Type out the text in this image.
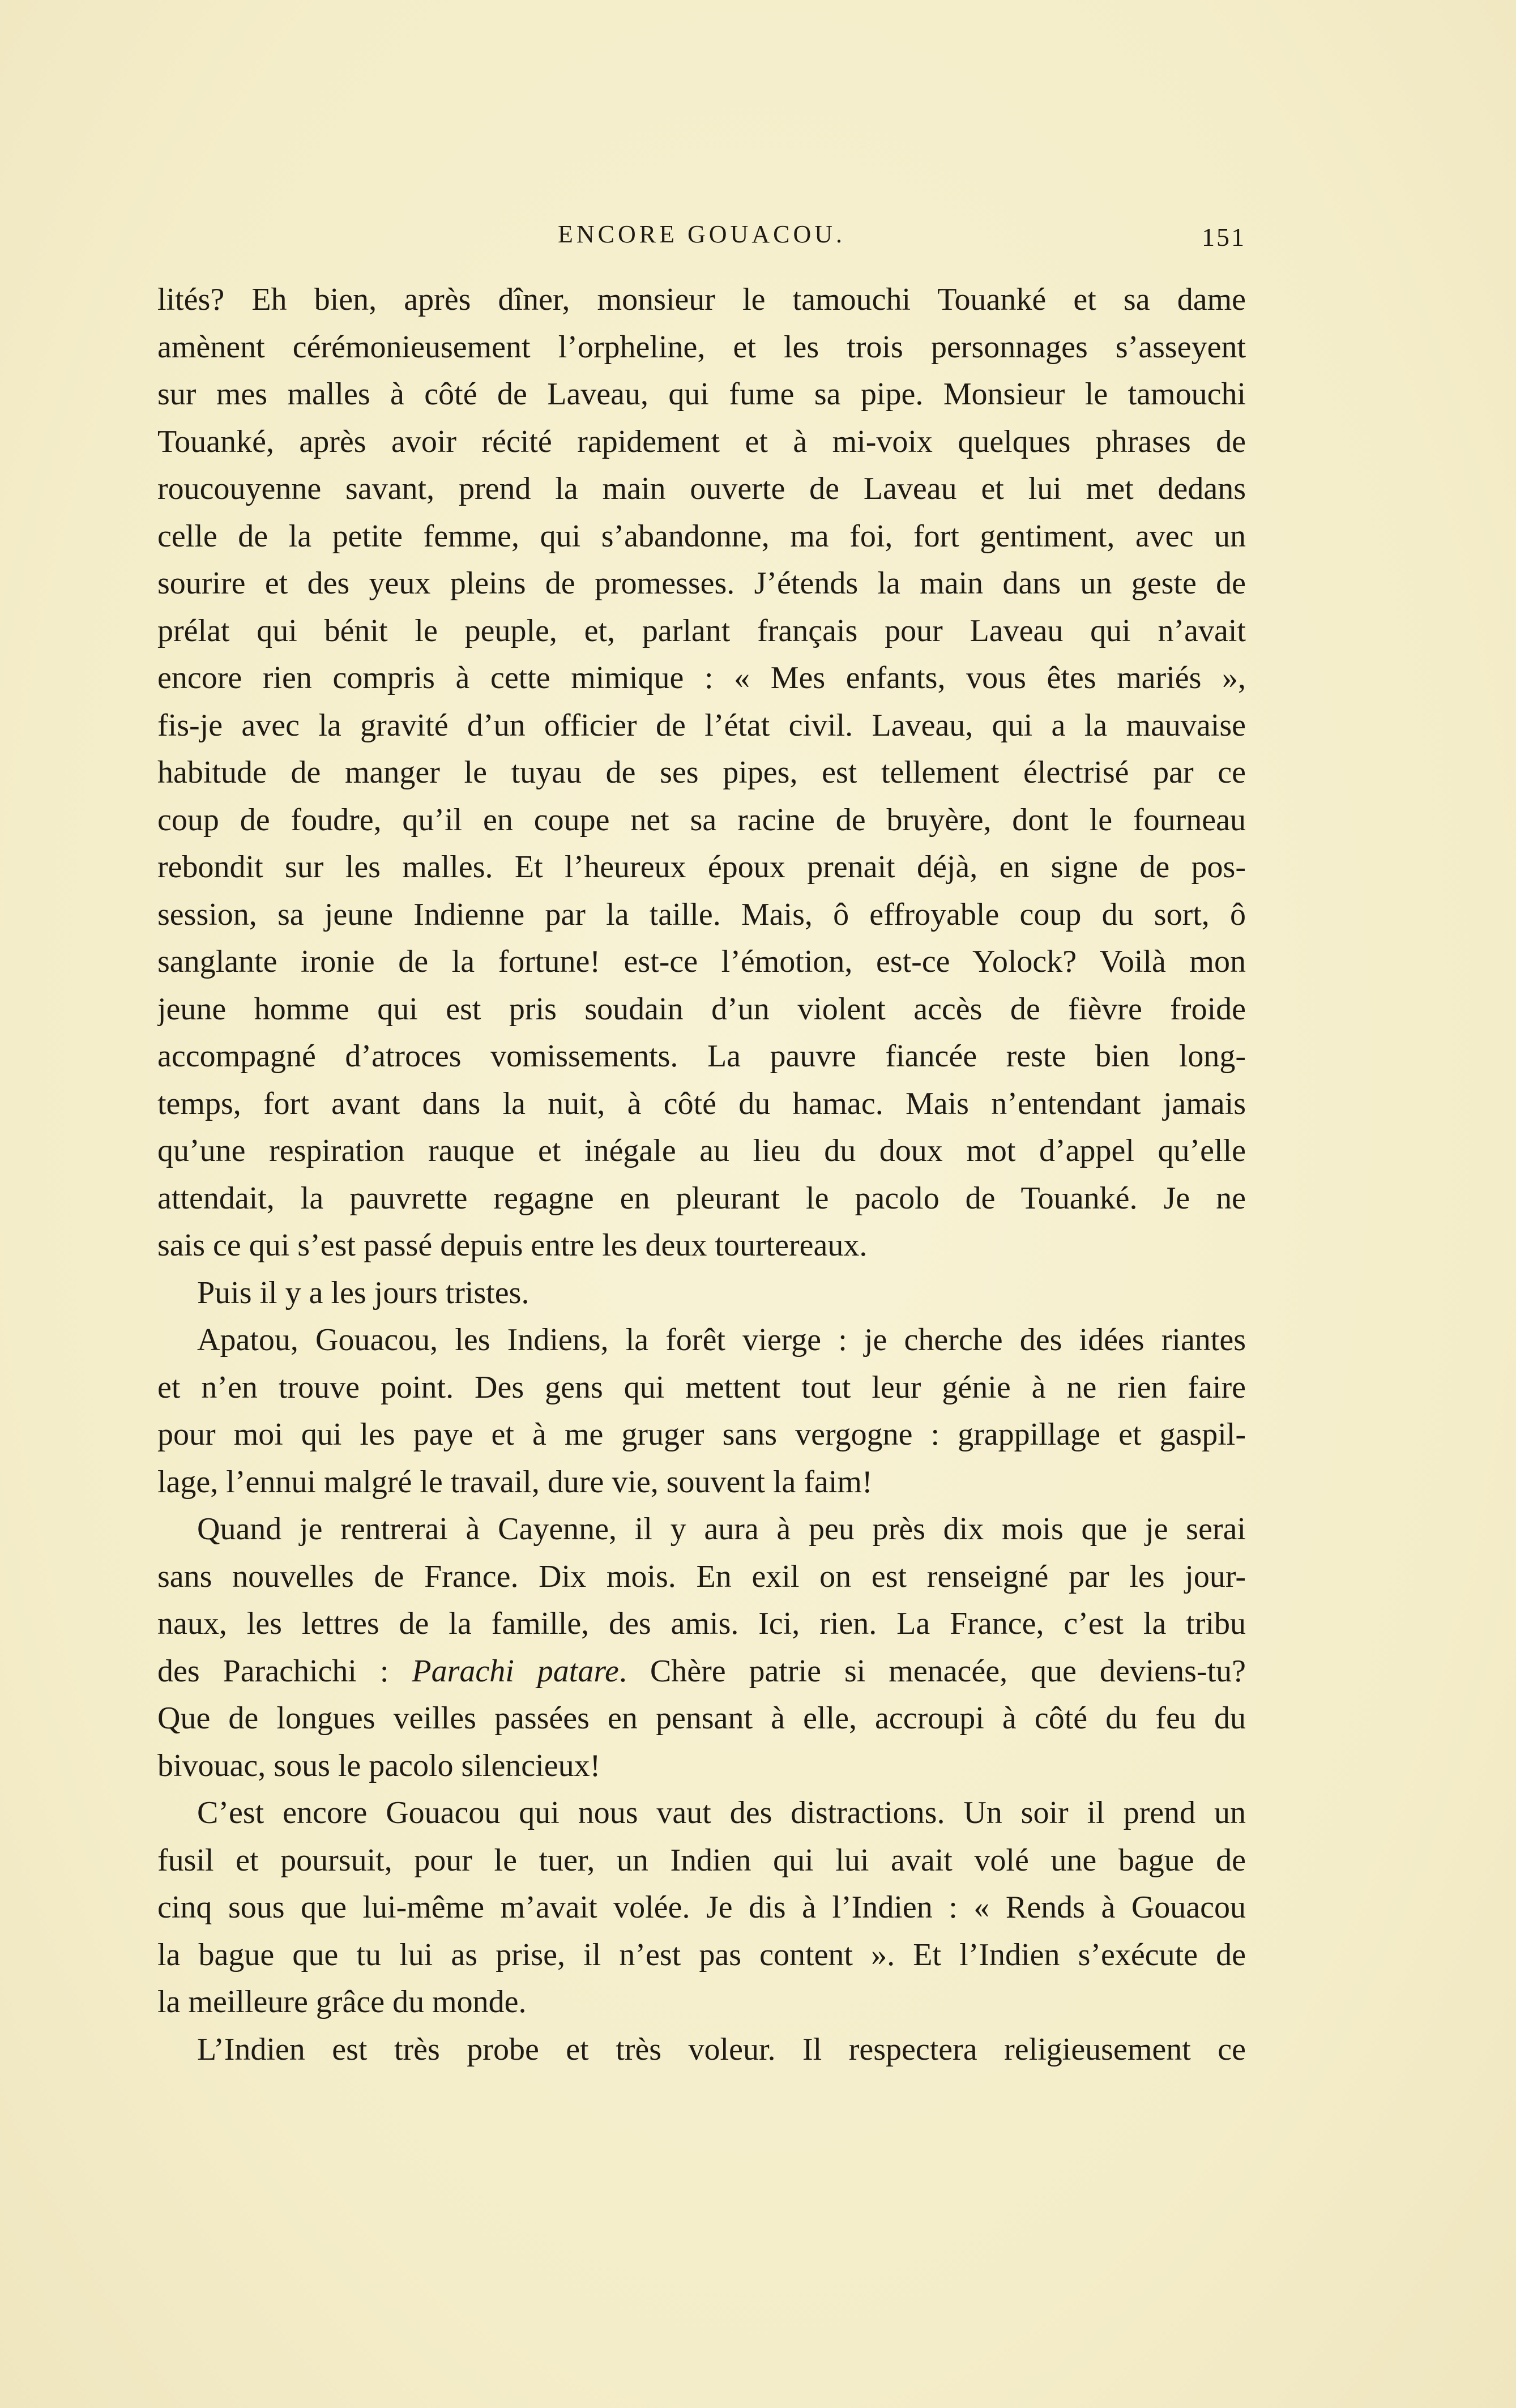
ENCORE GOUACOU.	151
lités? Eh bien, après dîner, monsieur le tamouchi Touanké et sa dame
amènent cérémonieusement l’orpheline, et les trois personnages s’asseyent
sur mes malles à côté de Laveau, qui fume sa pipe. Monsieur le tamouchi
Touanké, après avoir récité rapidement et à mi-voix quelques phrases de
roucouyenne savant, prend la main ouverte de Laveau et lui met dedans
celle de la petite femme, qui s’abandonne, ma foi, fort gentiment, avec un
sourire et des yeux pleins de promesses. J’étends la main dans un geste de
prélat qui bénit le peuple, et, parlant français pour Laveau qui n’avait
encore rien compris à cette mimique : « Mes enfants, vous êtes mariés »,
fis-je avec la gravité d’un officier de l’état civil. Laveau, qui a la mauvaise
habitude de manger le tuyau de ses pipes, est tellement électrisé par ce
coup de foudre, qu’il en coupe net sa racine de bruyère, dont le fourneau
rebondit sur les malles. Et l’heureux époux prenait déjà, en signe de pos-
session, sa jeune Indienne par la taille. Mais, ô effroyable coup du sort, ô
sanglante ironie de la fortune! est-ce l’émotion, est-ce Yolock? Voilà mon
jeune homme qui est pris soudain d’un violent accès de fièvre froide
accompagné d’atroces vomissements. La pauvre fiancée reste bien long-
temps, fort avant dans la nuit, à côté du hamac. Mais n’entendant jamais
qu’une respiration rauque et inégale au lieu du doux mot d’appel qu’elle
attendait, la pauvrette regagne en pleurant le pacolo de Touanké. Je ne
sais ce qui s’est passé depuis entre les deux tourtereaux.
Puis il y a les jours tristes.
Apatou, Gouacou, les Indiens, la forêt vierge : je cherche des idées riantes
et n’en trouve point. Des gens qui mettent tout leur génie à ne rien faire
pour moi qui les paye et à me gruger sans vergogne : grappillage et gaspil-
lage, l’ennui malgré le travail, dure vie, souvent la faim!
Quand je rentrerai à Cayenne, il y aura à peu près dix mois que je serai
sans nouvelles de France. Dix mois. En exil on est renseigné par les jour-
naux, les lettres de la famille, des amis. Ici, rien. La France, c’est la tribu
des Parachichi : Parachi patare. Chère patrie si menacée, que deviens-tu?
Que de longues veilles passées en pensant à elle, accroupi à côté du feu du
bivouac, sous le pacolo silencieux!
C’est encore Gouacou qui nous vaut des distractions. Un soir il prend un
fusil et poursuit, pour le tuer, un Indien qui lui avait volé une bague de
cinq sous que lui-même m’avait volée. Je dis à l’Indien : « Rends à Gouacou
la bague que tu lui as prise, il n’est pas content ». Et l’Indien s’exécute de
la meilleure grâce du monde.
L’Indien est très probe et très voleur. Il respectera religieusement ce
